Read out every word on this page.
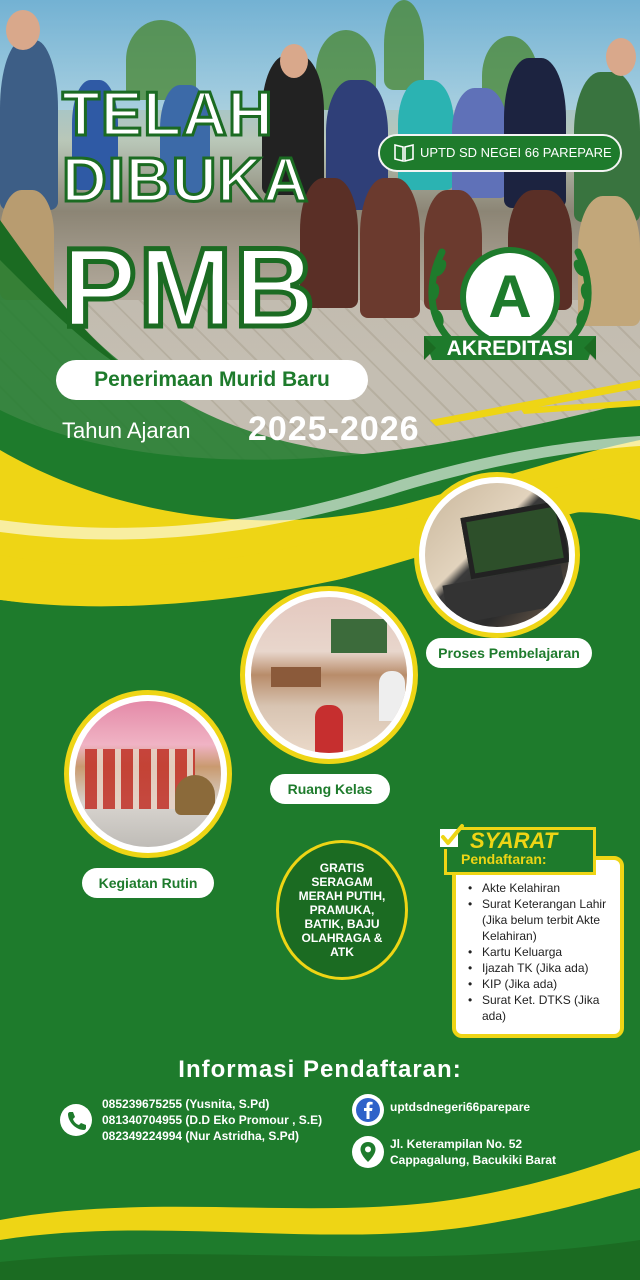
TELAH
DIBUKA
PMB
Penerimaan Murid Baru
Tahun Ajaran 2025-2026
UPTD SD NEGEI 66 PAREPARE
A
AKREDITASI
Proses Pembelajaran
Ruang Kelas
Kegiatan Rutin
GRATIS SERAGAM MERAH PUTIH, PRAMUKA, BATIK, BAJU OLAHRAGA & ATK
SYARAT
Pendaftaran:
• Akte Kelahiran
• Surat Keterangan Lahir (Jika belum terbit Akte Kelahiran)
• Kartu Keluarga
• Ijazah TK (Jika ada)
• KIP (Jika ada)
• Surat Ket. DTKS (Jika ada)
Informasi Pendaftaran:
085239675255 (Yusnita, S.Pd)
081340704955 (D.D Eko Promour , S.E)
082349224994 (Nur Astridha, S.Pd)
uptdsdnegeri66parepare
Jl. Keterampilan No. 52
Cappagalung, Bacukiki Barat
